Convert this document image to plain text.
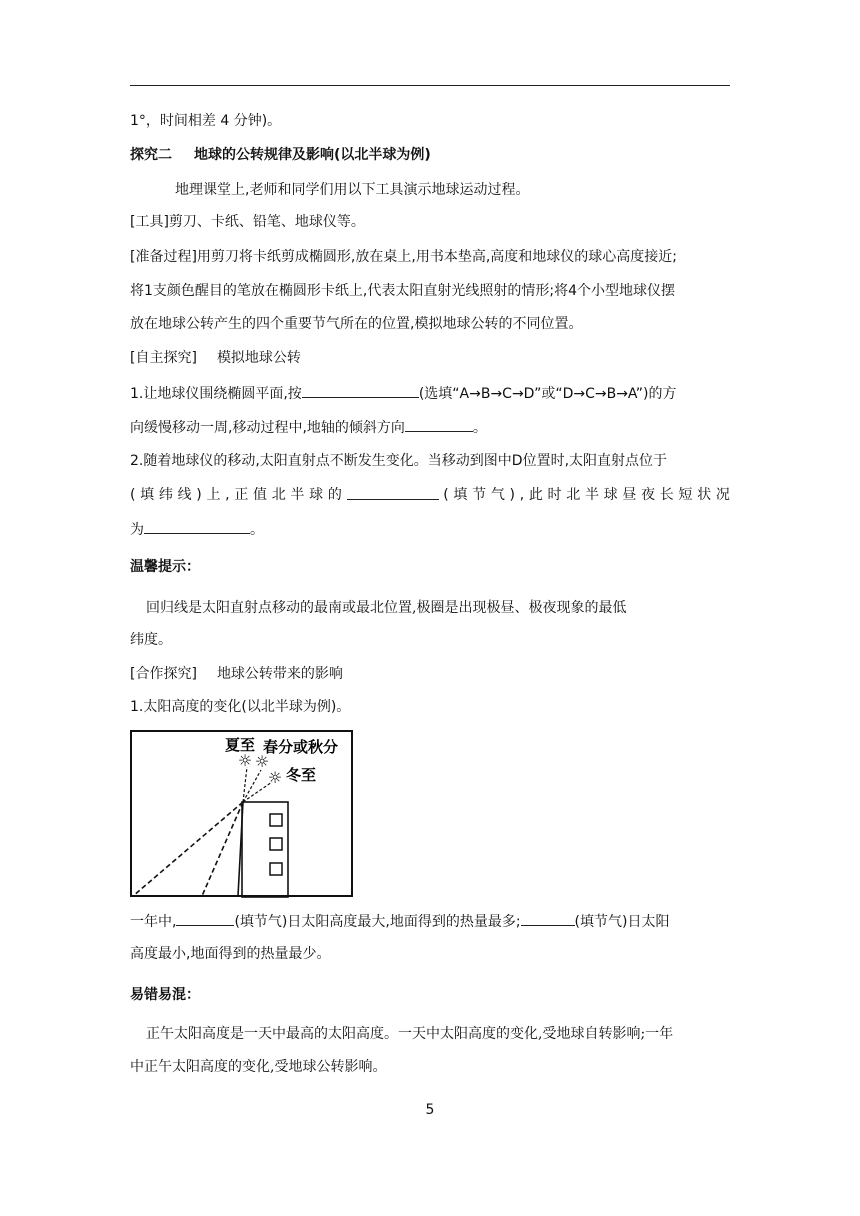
1°，时间相差 4 分钟)。
探究二 地球的公转规律及影响(以北半球为例)
地理课堂上,老师和同学们用以下工具演示地球运动过程。
[工具]剪刀、卡纸、铅笔、地球仪等。
[准备过程]用剪刀将卡纸剪成椭圆形,放在桌上,用书本垫高,高度和地球仪的球心高度接近;
将1支颜色醒目的笔放在椭圆形卡纸上,代表太阳直射光线照射的情形;将4个小型地球仪摆
放在地球公转产生的四个重要节气所在的位置,模拟地球公转的不同位置。
[自主探究] 模拟地球公转
1.让地球仪围绕椭圆平面,按	(选填“A→B→C→D”或“D→C→B→A”)的方
向缓慢移动一周,移动过程中,地轴的倾斜方向	。
2.随着地球仪的移动,太阳直射点不断发生变化。当移动到图中D位置时,太阳直射点位于
( 填 纬 线 ) 上 , 正 值 北 半 球 的	( 填 节 气 ) , 此 时 北 半 球 昼 夜 长 短 状 况
为	。
温馨提示：
回归线是太阳直射点移动的最南或最北位置,极圈是出现极昼、极夜现象的最低
纬度。
[合作探究] 地球公转带来的影响
1.太阳高度的变化(以北半球为例)。
☼ ☼
☼
夏至 春分或秋分
冬至
一年中,	(填节气)日太阳高度最大,地面得到的热量最多;	(填节气)日太阳
高度最小,地面得到的热量最少。
易错易混：
正午太阳高度是一天中最高的太阳高度。一天中太阳高度的变化,受地球自转影响;一年
中正午太阳高度的变化,受地球公转影响。
5
